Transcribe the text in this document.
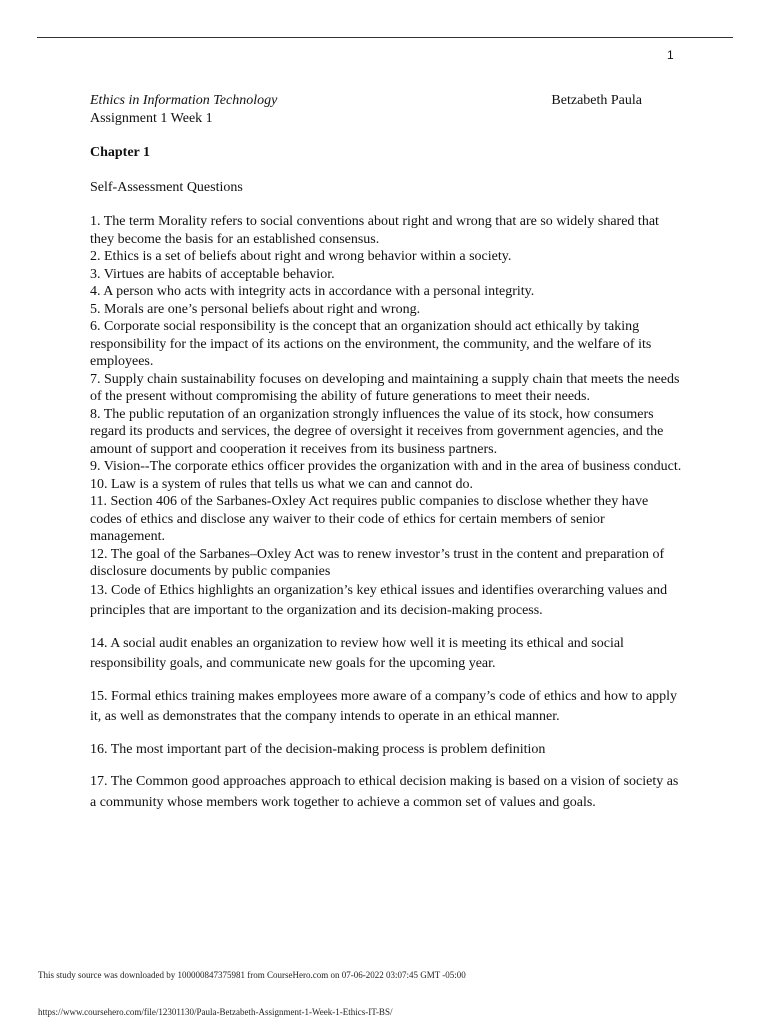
1
Ethics in Information Technology	Betzabeth Paula
Assignment 1 Week 1
Chapter 1
Self-Assessment Questions

1. The term Morality refers to social conventions about right and wrong that are so widely shared that they become the basis for an established consensus.

2. Ethics is a set of beliefs about right and wrong behavior within a society.

3. Virtues are habits of acceptable behavior.

4. A person who acts with integrity acts in accordance with a personal integrity.

5. Morals are one’s personal beliefs about right and wrong.

6. Corporate social responsibility is the concept that an organization should act ethically by taking responsibility for the impact of its actions on the environment, the community, and the welfare of its employees.

7. Supply chain sustainability focuses on developing and maintaining a supply chain that meets the needs of the present without compromising the ability of future generations to meet their needs.

8. The public reputation of an organization strongly influences the value of its stock, how consumers regard its products and services, the degree of oversight it receives from government agencies, and the amount of support and cooperation it receives from its business partners.

9. Vision--The corporate ethics officer provides the organization with and in the area of business conduct.

10. Law is a system of rules that tells us what we can and cannot do.

11. Section 406 of the Sarbanes-Oxley Act requires public companies to disclose whether they have codes of ethics and disclose any waiver to their code of ethics for certain members of senior management.

12. The goal of the Sarbanes–Oxley Act was to renew investor’s trust in the content and preparation of disclosure documents by public companies

13. Code of Ethics highlights an organization’s key ethical issues and identifies overarching values and principles that are important to the organization and its decision-making process.

14. A social audit enables an organization to review how well it is meeting its ethical and social responsibility goals, and communicate new goals for the upcoming year.

15. Formal ethics training makes employees more aware of a company’s code of ethics and how to apply it, as well as demonstrates that the company intends to operate in an ethical manner.

16. The most important part of the decision-making process is problem definition

17. The Common good approaches approach to ethical decision making is based on a vision of society as a community whose members work together to achieve a common set of values and goals.

This study source was downloaded by 100000847375981 from CourseHero.com on 07-06-2022 03:07:45 GMT -05:00
https://www.coursehero.com/file/12301130/Paula-Betzabeth-Assignment-1-Week-1-Ethics-IT-BS/
